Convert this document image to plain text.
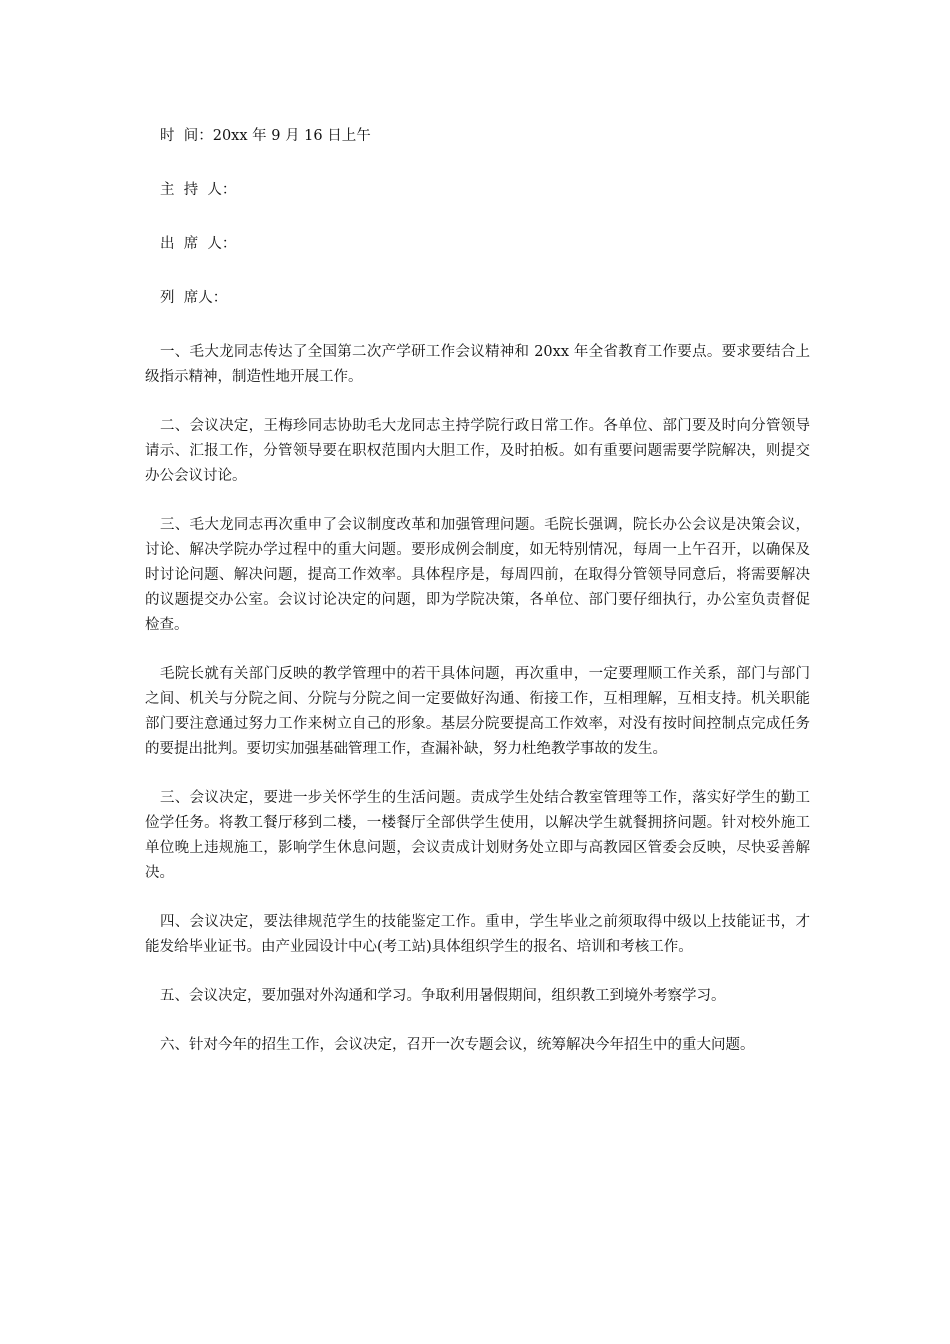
时  间：20xx 年 9 月 16 日上午
主  持  人：
出  席  人：
列  席人：

一、毛大龙同志传达了全国第二次产学研工作会议精神和 20xx 年全省教育工作要点。要求要结合上级指示精神，制造性地开展工作。

二、会议决定，王梅珍同志协助毛大龙同志主持学院行政日常工作。各单位、部门要及时向分管领导请示、汇报工作，分管领导要在职权范围内大胆工作，及时拍板。如有重要问题需要学院解决，则提交办公会议讨论。

三、毛大龙同志再次重申了会议制度改革和加强管理问题。毛院长强调，院长办公会议是决策会议，讨论、解决学院办学过程中的重大问题。要形成例会制度，如无特别情况，每周一上午召开，以确保及时讨论问题、解决问题，提高工作效率。具体程序是，每周四前，在取得分管领导同意后，将需要解决的议题提交办公室。会议讨论决定的问题，即为学院决策，各单位、部门要仔细执行，办公室负责督促检查。

毛院长就有关部门反映的教学管理中的若干具体问题，再次重申，一定要理顺工作关系，部门与部门之间、机关与分院之间、分院与分院之间一定要做好沟通、衔接工作，互相理解，互相支持。机关职能部门要注意通过努力工作来树立自己的形象。基层分院要提高工作效率，对没有按时间控制点完成任务的要提出批判。要切实加强基础管理工作，查漏补缺，努力杜绝教学事故的发生。

三、会议决定，要进一步关怀学生的生活问题。责成学生处结合教室管理等工作，落实好学生的勤工俭学任务。将教工餐厅移到二楼，一楼餐厅全部供学生使用，以解决学生就餐拥挤问题。针对校外施工单位晚上违规施工，影响学生休息问题，会议责成计划财务处立即与高教园区管委会反映，尽快妥善解决。

四、会议决定，要法律规范学生的技能鉴定工作。重申，学生毕业之前须取得中级以上技能证书，才能发给毕业证书。由产业园设计中心(考工站)具体组织学生的报名、培训和考核工作。

五、会议决定，要加强对外沟通和学习。争取利用暑假期间，组织教工到境外考察学习。

六、针对今年的招生工作，会议决定，召开一次专题会议，统筹解决今年招生中的重大问题。
